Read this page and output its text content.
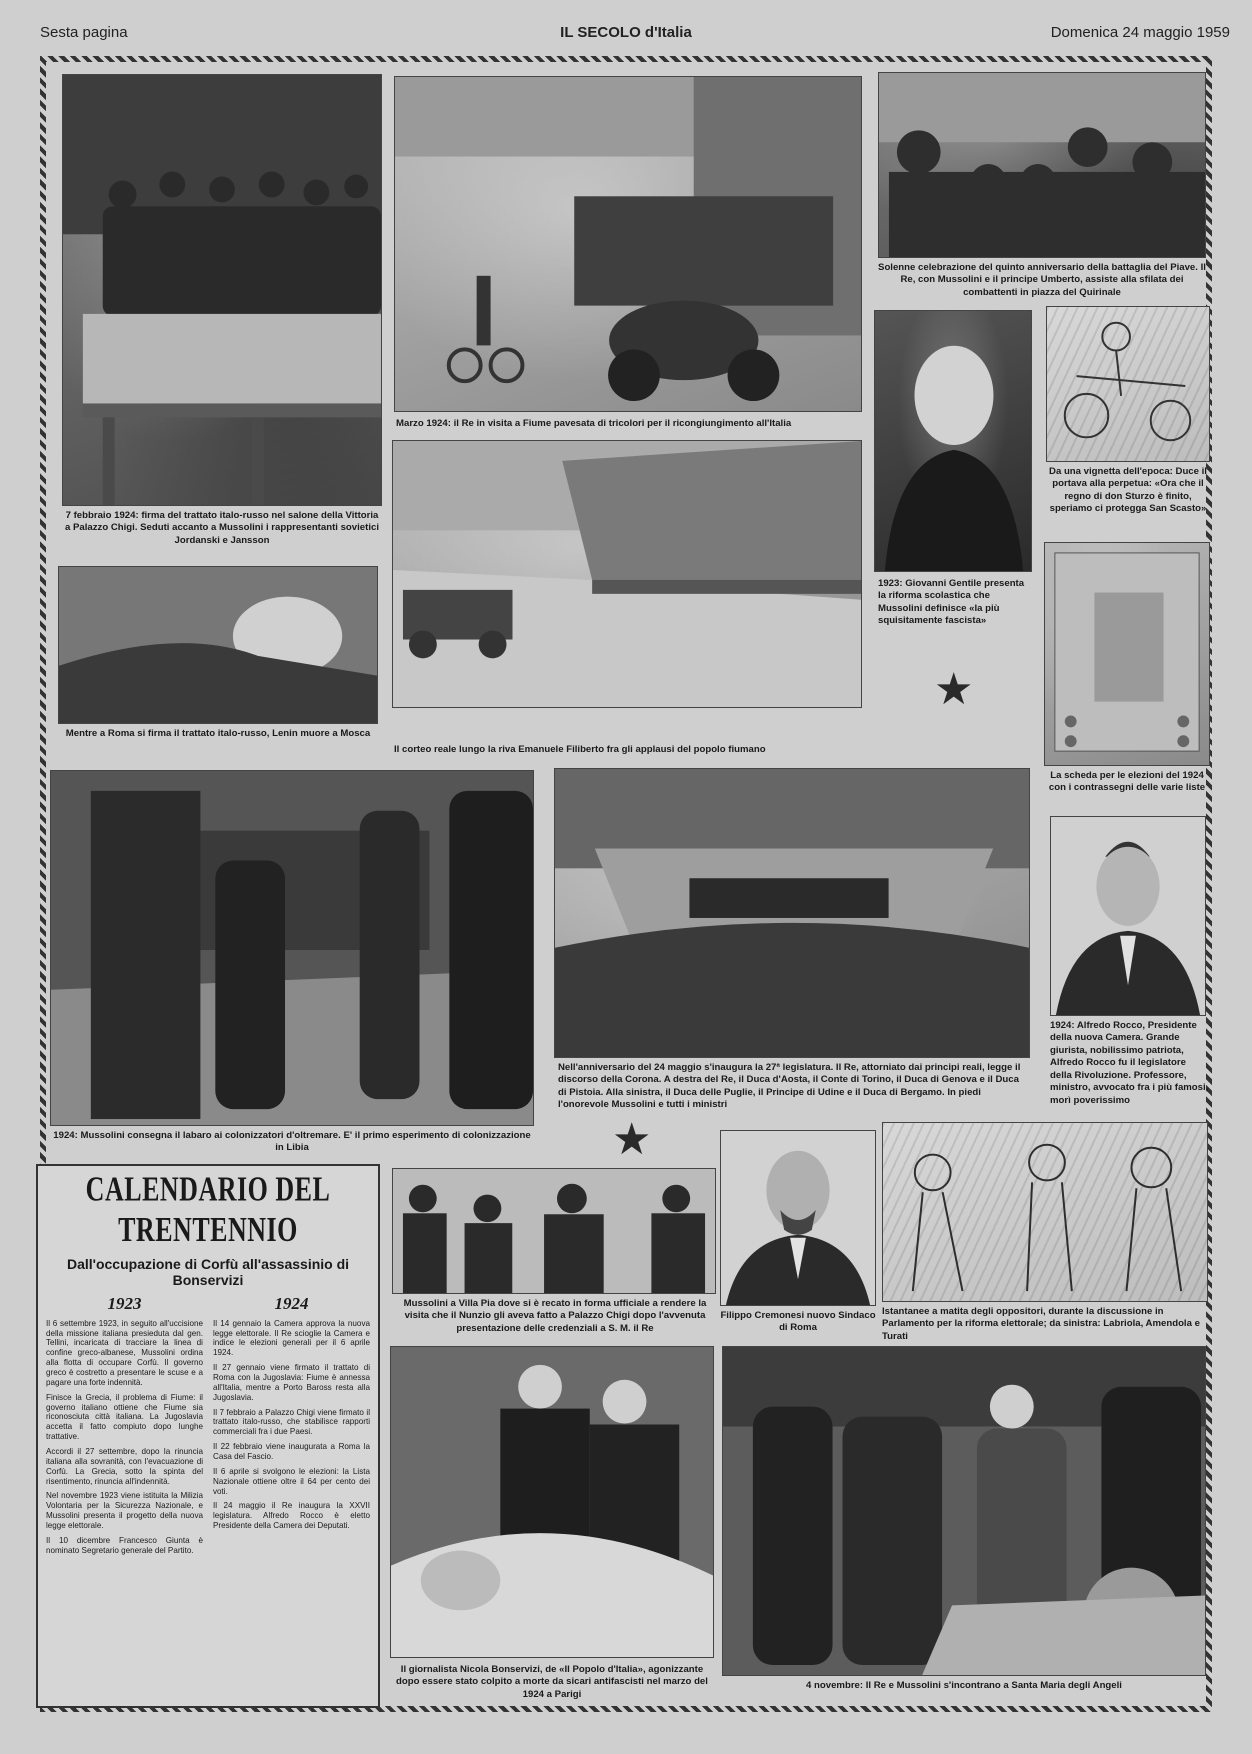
Sesta pagina	IL SECOLO d'Italia	Domenica 24 maggio 1959
7 febbraio 1924: firma del trattato italo-russo nel salone della Vittoria a Palazzo Chigi. Seduti accanto a Mussolini i rappresentanti sovietici Jordanski e Jansson
Marzo 1924: il Re in visita a Fiume pavesata di tricolori per il ricongiungimento all'Italia
Solenne celebrazione del quinto anniversario della battaglia del Piave. Il Re, con Mussolini e il principe Umberto, assiste alla sfilata dei combattenti in piazza del Quirinale
1923: Giovanni Gentile presenta la riforma scolastica che Mussolini definisce «la più squisitamente fascista»
Da una vignetta dell'epoca: Duce il portava alla perpetua: «Ora che il regno di don Sturzo è finito, speriamo ci protegga San Scasto»
Mentre a Roma si firma il trattato italo-russo, Lenin muore a Mosca
Il corteo reale lungo la riva Emanuele Filiberto fra gli applausi del popolo fiumano
★
La scheda per le elezioni del 1924 con i contrassegni delle varie liste
1924: Mussolini consegna il labaro ai colonizzatori d'oltremare. E' il primo esperimento di colonizzazione in Libia
Nell'anniversario del 24 maggio s'inaugura la 27ª legislatura. Il Re, attorniato dai principi reali, legge il discorso della Corona. A destra del Re, il Duca d'Aosta, il Conte di Torino, il Duca di Genova e il Duca di Pistoia. Alla sinistra, il Duca delle Puglie, il Principe di Udine e il Duca di Bergamo. In piedi l'onorevole Mussolini e tutti i ministri
1924: Alfredo Rocco, Presidente della nuova Camera. Grande giurista, nobilissimo patriota, Alfredo Rocco fu il legislatore della Rivoluzione. Professore, ministro, avvocato fra i più famosi, morì poverissimo
★
CALENDARIO DEL TRENTENNIO
Dall'occupazione di Corfù all'assassinio di Bonservizi
1923

Il 6 settembre 1923, in seguito all'uccisione della missione italiana presieduta dal gen. Tellini, incaricata di tracciare la linea di confine greco-albanese, Mussolini ordina alla flotta di occupare Corfù. Il governo greco è costretto a presentare le scuse e a pagare una forte indennità.

Finisce la Grecia, il problema di Fiume: il governo italiano ottiene che Fiume sia riconosciuta città italiana. La Jugoslavia accetta il fatto compiuto dopo lunghe trattative.

Accordi il 27 settembre, dopo la rinuncia italiana alla sovranità, con l'evacuazione di Corfù. La Grecia, sotto la spinta del risentimento, rinuncia all'indennità.

Nel novembre 1923 viene istituita la Milizia Volontaria per la Sicurezza Nazionale, e Mussolini presenta il progetto della nuova legge elettorale.

Il 10 dicembre Francesco Giunta è nominato Segretario generale del Partito.

1924

Il 14 gennaio la Camera approva la nuova legge elettorale. Il Re scioglie la Camera e indice le elezioni generali per il 6 aprile 1924.

Il 27 gennaio viene firmato il trattato di Roma con la Jugoslavia: Fiume è annessa all'Italia, mentre a Porto Baross resta alla Jugoslavia.

Il 7 febbraio a Palazzo Chigi viene firmato il trattato italo-russo, che stabilisce rapporti commerciali fra i due Paesi.

Il 22 febbraio viene inaugurata a Roma la Casa del Fascio.

Il 6 aprile si svolgono le elezioni: la Lista Nazionale ottiene oltre il 64 per cento dei voti.

Il 24 maggio il Re inaugura la XXVII legislatura. Alfredo Rocco è eletto Presidente della Camera dei Deputati.

Mussolini a Villa Pia dove si è recato in forma ufficiale a rendere la visita che il Nunzio gli aveva fatto a Palazzo Chigi dopo l'avvenuta presentazione delle credenziali a S. M. il Re
Filippo Cremonesi nuovo Sindaco di Roma
Istantanee a matita degli oppositori, durante la discussione in Parlamento per la riforma elettorale; da sinistra: Labriola, Amendola e Turati
Il giornalista Nicola Bonservizi, de «Il Popolo d'Italia», agonizzante dopo essere stato colpito a morte da sicari antifascisti nel marzo del 1924 a Parigi
4 novembre: Il Re e Mussolini s'incontrano a Santa Maria degli Angeli
